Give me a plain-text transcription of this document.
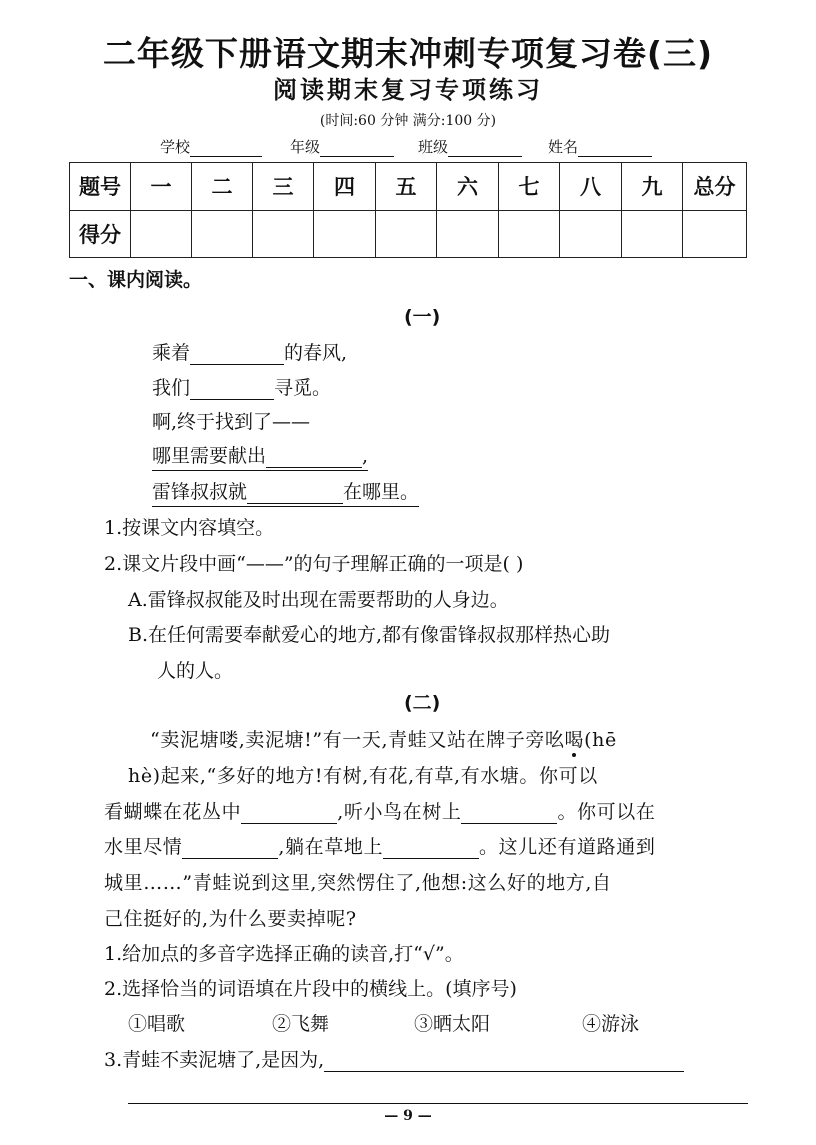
二年级下册语文期末冲刺专项复习卷(三)
阅读期末复习专项练习
(时间:60 分钟 满分:100 分)
学校	年级	班级	姓名
题号	一	二	三	四	五	六	七	八	九	总分
得分										
一、课内阅读。
(一)
乘着	的春风,
我们	寻觅。
啊,终于找到了——
哪里需要献出	,
雷锋叔叔就	在哪里。
1.按课文内容填空。
2.课文片段中画“——”的句子理解正确的一项是( )
A.雷锋叔叔能及时出现在需要帮助的人身边。
B.在任何需要奉献爱心的地方,都有像雷锋叔叔那样热心助
人的人。
(二)
“卖泥塘喽,卖泥塘!”有一天,青蛙又站在牌子旁吆喝(hē
hè)起来,“多好的地方!有树,有花,有草,有水塘。你可以
看蝴蝶在花丛中	,听小鸟在树上	。你可以在
水里尽情	,躺在草地上	。这儿还有道路通到
城里……”青蛙说到这里,突然愣住了,他想:这么好的地方,自
己住挺好的,为什么要卖掉呢?
1.给加点的多音字选择正确的读音,打“√”。
2.选择恰当的词语填在片段中的横线上。(填序号)
①唱歌	②飞舞	③晒太阳	④游泳
3.青蛙不卖泥塘了,是因为,
— 9 —
